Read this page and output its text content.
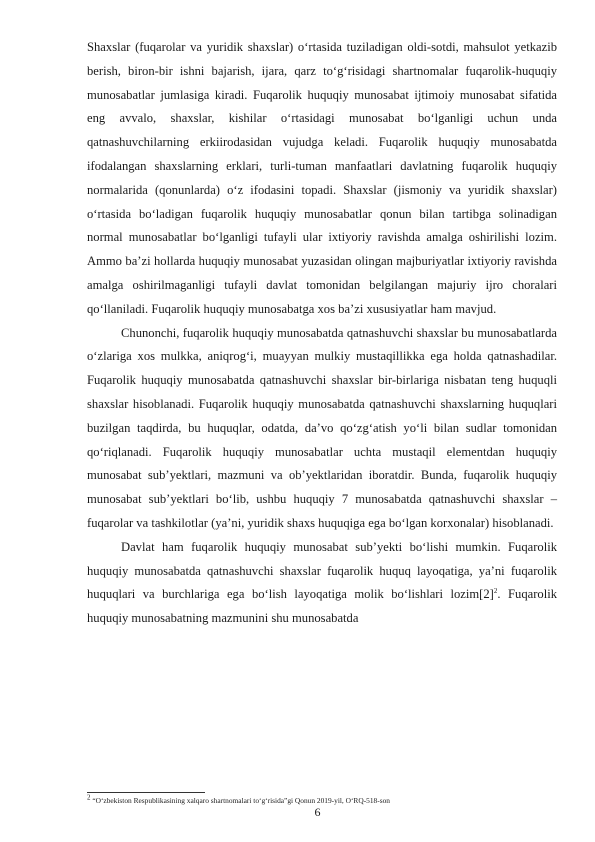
Shaxslar (fuqarolar va yuridik shaxslar) o‘rtasida tuziladigan oldi-sotdi, mahsulot yetkazib berish, biron-bir ishni bajarish, ijara, qarz to‘g‘risidagi shartnomalar fuqarolik-huquqiy munosabatlar jumlasiga kiradi. Fuqarolik huquqiy munosabat ijtimoiy munosabat sifatida eng avvalo, shaxslar, kishilar o‘rtasidagi munosabat bo‘lganligi uchun unda qatnashuvchilarning erkiirodasidan vujudga keladi. Fuqarolik huquqiy munosabatda ifodalangan shaxslarning erklari, turli-tuman manfaatlari davlatning fuqarolik huquqiy normalarida (qonunlarda) o‘z ifodasini topadi. Shaxslar (jismoniy va yuridik shaxslar) o‘rtasida bo‘ladigan fuqarolik huquqiy munosabatlar qonun bilan tartibga solinadigan normal munosabatlar bo‘lganligi tufayli ular ixtiyoriy ravishda amalga oshirilishi lozim. Ammo ba’zi hollarda huquqiy munosabat yuzasidan olingan majburiyatlar ixtiyoriy ravishda amalga oshirilmaganligi tufayli davlat tomonidan belgilangan majuriy ijro choralari qo‘llaniladi. Fuqarolik huquqiy munosabatga xos ba’zi xususiyatlar ham mavjud.

Chunonchi, fuqarolik huquqiy munosabatda qatnashuvchi shaxslar bu munosabatlarda o‘zlariga xos mulkka, aniqrog‘i, muayyan mulkiy mustaqillikka ega holda qatnashadilar. Fuqarolik huquqiy munosabatda qatnashuvchi shaxslar bir-birlariga nisbatan teng huquqli shaxslar hisoblanadi. Fuqarolik huquqiy munosabatda qatnashuvchi shaxslarning huquqlari buzilgan taqdirda, bu huquqlar, odatda, da’vo qo‘zg‘atish yo‘li bilan sudlar tomonidan qo‘riqlanadi. Fuqarolik huquqiy munosabatlar uchta mustaqil elementdan huquqiy munosabat sub’yektlari, mazmuni va ob’yektlaridan iboratdir. Bunda, fuqarolik huquqiy munosabat sub’yektlari bo‘lib, ushbu huquqiy 7 munosabatda qatnashuvchi shaxslar – fuqarolar va tashkilotlar (ya’ni, yuridik shaxs huquqiga ega bo‘lgan korxonalar) hisoblanadi.

Davlat ham fuqarolik huquqiy munosabat sub’yekti bo‘lishi mumkin. Fuqarolik huquqiy munosabatda qatnashuvchi shaxslar fuqarolik huquq layoqatiga, ya’ni fuqarolik huquqlari va burchlariga ega bo‘lish layoqatiga molik bo‘lishlari $lozim[2]^2$. Fuqarolik huquqiy munosabatning mazmunini shu munosabatda

$^2$ “O‘zbekiston Respublikasining xalqaro shartnomalari to‘g‘risida”gi Qonun 2019-yil, O‘RQ-518-son

6
